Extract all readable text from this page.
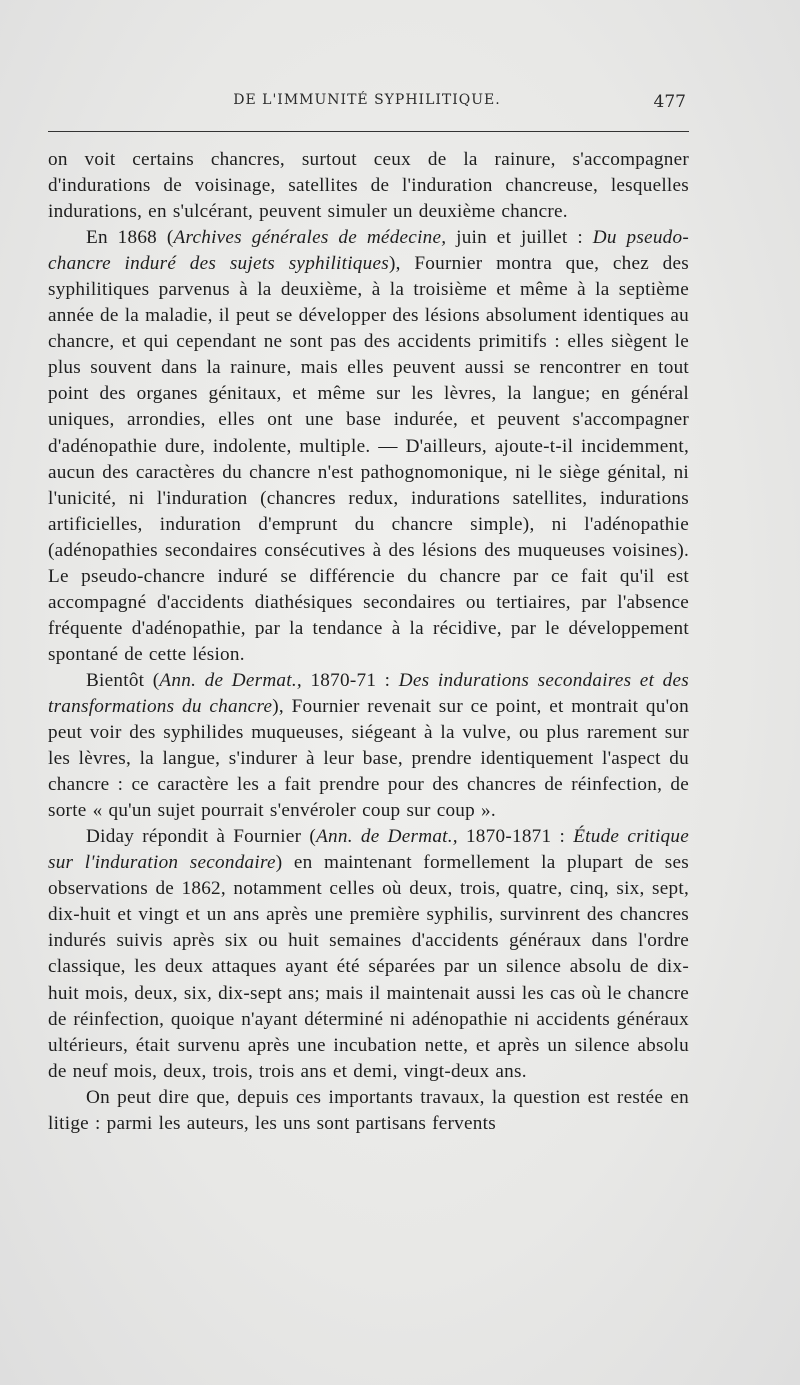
DE L'IMMUNITÉ SYPHILITIQUE.	477

on voit certains chancres, surtout ceux de la rainure, s'accompagner d'indurations de voisinage, satellites de l'induration chancreuse, lesquelles indurations, en s'ulcérant, peuvent simuler un deuxième chancre.

En 1868 (Archives générales de médecine, juin et juillet : Du pseudo-chancre induré des sujets syphilitiques), Fournier montra que, chez des syphilitiques parvenus à la deuxième, à la troisième et même à la septième année de la maladie, il peut se développer des lésions absolument identiques au chancre, et qui cependant ne sont pas des accidents primitifs : elles siègent le plus souvent dans la rainure, mais elles peuvent aussi se rencontrer en tout point des organes génitaux, et même sur les lèvres, la langue; en général uniques, arrondies, elles ont une base indurée, et peuvent s'accompagner d'adénopathie dure, indolente, multiple. — D'ailleurs, ajoute-t-il incidemment, aucun des caractères du chancre n'est pathognomonique, ni le siège génital, ni l'unicité, ni l'induration (chancres redux, indurations satellites, indurations artificielles, induration d'emprunt du chancre simple), ni l'adénopathie (adénopathies secondaires consécutives à des lésions des muqueuses voisines). Le pseudo-chancre induré se différencie du chancre par ce fait qu'il est accompagné d'accidents diathésiques secondaires ou tertiaires, par l'absence fréquente d'adénopathie, par la tendance à la récidive, par le développement spontané de cette lésion.

Bientôt (Ann. de Dermat., 1870-71 : Des indurations secondaires et des transformations du chancre), Fournier revenait sur ce point, et montrait qu'on peut voir des syphilides muqueuses, siégeant à la vulve, ou plus rarement sur les lèvres, la langue, s'indurer à leur base, prendre identiquement l'aspect du chancre : ce caractère les a fait prendre pour des chancres de réinfection, de sorte « qu'un sujet pourrait s'envéroler coup sur coup ».

Diday répondit à Fournier (Ann. de Dermat., 1870-1871 : Étude critique sur l'induration secondaire) en maintenant formellement la plupart de ses observations de 1862, notamment celles où deux, trois, quatre, cinq, six, sept, dix-huit et vingt et un ans après une première syphilis, survinrent des chancres indurés suivis après six ou huit semaines d'accidents généraux dans l'ordre classique, les deux attaques ayant été séparées par un silence absolu de dix-huit mois, deux, six, dix-sept ans; mais il maintenait aussi les cas où le chancre de réinfection, quoique n'ayant déterminé ni adénopathie ni accidents généraux ultérieurs, était survenu après une incubation nette, et après un silence absolu de neuf mois, deux, trois, trois ans et demi, vingt-deux ans.

On peut dire que, depuis ces importants travaux, la question est restée en litige : parmi les auteurs, les uns sont partisans fervents
